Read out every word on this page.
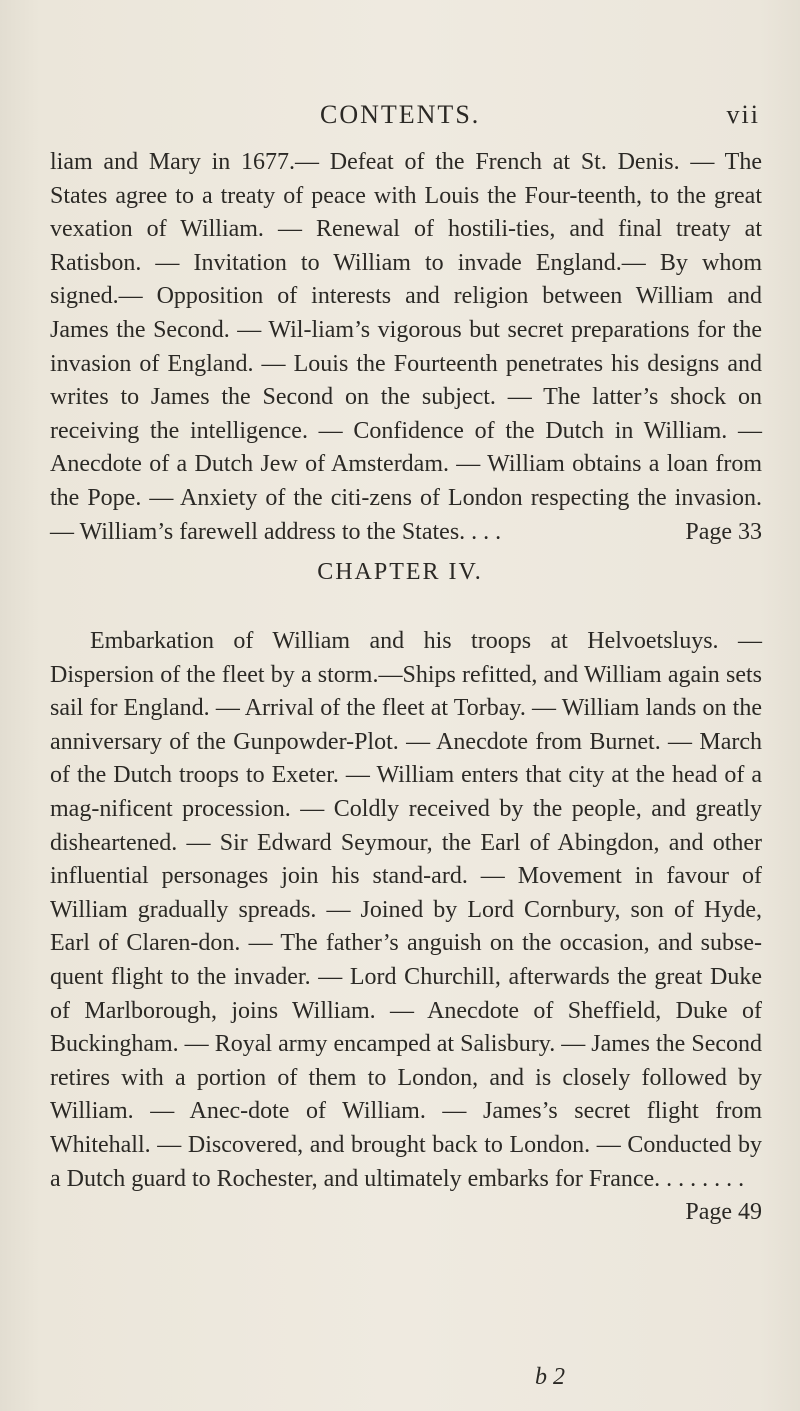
CONTENTS.	vii

liam and Mary in 1677.— Defeat of the French at St. Denis. — The States agree to a treaty of peace with Louis the Four-teenth, to the great vexation of William. — Renewal of hostili-ties, and final treaty at Ratisbon. — Invitation to William to invade England.— By whom signed.— Opposition of interests and religion between William and James the Second. — Wil-liam’s vigorous but secret preparations for the invasion of England. — Louis the Fourteenth penetrates his designs and writes to James the Second on the subject. — The latter’s shock on receiving the intelligence. — Confidence of the Dutch in William. — Anecdote of a Dutch Jew of Amsterdam. — William obtains a loan from the Pope. — Anxiety of the citi-zens of London respecting the invasion. — William’s farewell address to the States. . . .	Page 33

CHAPTER IV.

Embarkation of William and his troops at Helvoetsluys. — Dispersion of the fleet by a storm.—Ships refitted, and William again sets sail for England. — Arrival of the fleet at Torbay. — William lands on the anniversary of the Gunpowder-Plot. — Anecdote from Burnet. — March of the Dutch troops to Exeter. — William enters that city at the head of a mag-nificent procession. — Coldly received by the people, and greatly disheartened. — Sir Edward Seymour, the Earl of Abingdon, and other influential personages join his stand-ard. — Movement in favour of William gradually spreads. — Joined by Lord Cornbury, son of Hyde, Earl of Claren-don. — The father’s anguish on the occasion, and subse-quent flight to the invader. — Lord Churchill, afterwards the great Duke of Marlborough, joins William. — Anecdote of Sheffield, Duke of Buckingham. — Royal army encamped at Salisbury. — James the Second retires with a portion of them to London, and is closely followed by William. — Anec-dote of William. — James’s secret flight from Whitehall. — Discovered, and brought back to London. — Conducted by a Dutch guard to Rochester, and ultimately embarks for France. . . . . . . .
Page 49

b 2
